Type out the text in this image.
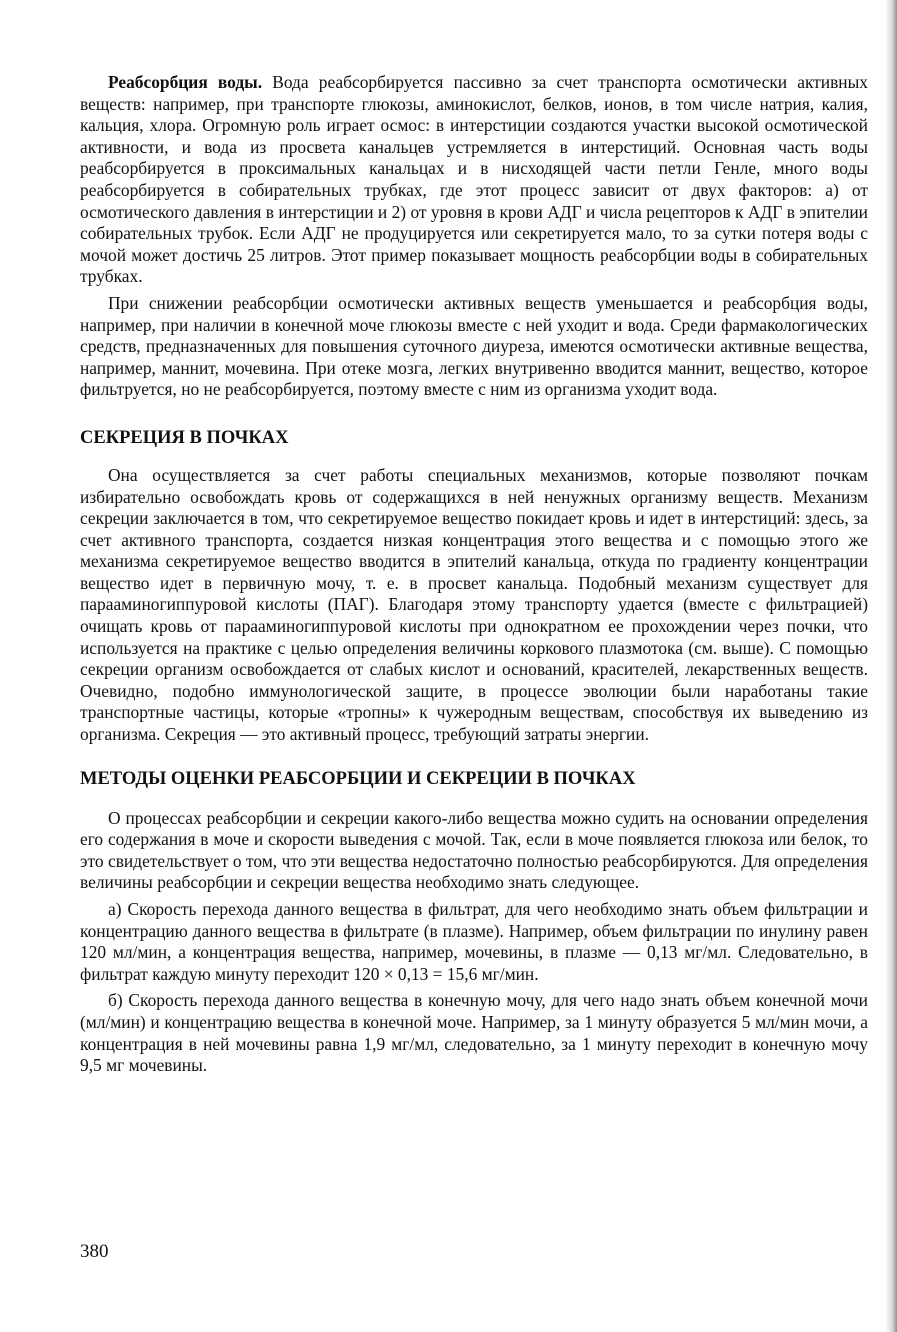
Реабсорбция воды. Вода реабсорбируется пассивно за счет транспорта осмотически активных веществ: например, при транспорте глюкозы, аминокислот, белков, ионов, в том числе натрия, калия, кальция, хлора. Огромную роль играет осмос: в интерстиции создаются участки высокой осмотической активности, и вода из просвета канальцев устремляется в интерстиций. Основная часть воды реабсорбируется в проксимальных канальцах и в нисходящей части петли Генле, много воды реабсорбируется в собирательных трубках, где этот процесс зависит от двух факторов: а) от осмотического давления в интерстиции и 2) от уровня в крови АДГ и числа рецепторов к АДГ в эпителии собирательных трубок. Если АДГ не продуцируется или секретируется мало, то за сутки потеря воды с мочой может достичь 25 литров. Этот пример показывает мощность реабсорбции воды в собирательных трубках.

При снижении реабсорбции осмотически активных веществ уменьшается и реабсорбция воды, например, при наличии в конечной моче глюкозы вместе с ней уходит и вода. Среди фармакологических средств, предназначенных для повышения суточного диуреза, имеются осмотически активные вещества, например, маннит, мочевина. При отеке мозга, легких внутривенно вводится маннит, вещество, которое фильтруется, но не реабсорбируется, поэтому вместе с ним из организма уходит вода.

СЕКРЕЦИЯ В ПОЧКАХ

Она осуществляется за счет работы специальных механизмов, которые позволяют почкам избирательно освобождать кровь от содержащихся в ней ненужных организму веществ. Механизм секреции заключается в том, что секретируемое вещество покидает кровь и идет в интерстиций: здесь, за счет активного транспорта, создается низкая концентрация этого вещества и с помощью этого же механизма секретируемое вещество вводится в эпителий канальца, откуда по градиенту концентрации вещество идет в первичную мочу, т. е. в просвет канальца. Подобный механизм существует для парааминогиппуровой кислоты (ПАГ). Благодаря этому транспорту удается (вместе с фильтрацией) очищать кровь от парааминогиппуровой кислоты при однократном ее прохождении через почки, что используется на практике с целью определения величины коркового плазмотока (см. выше). С помощью секреции организм освобождается от слабых кислот и оснований, красителей, лекарственных веществ. Очевидно, подобно иммунологической защите, в процессе эволюции были наработаны такие транспортные частицы, которые «тропны» к чужеродным веществам, способствуя их выведению из организма. Секреция — это активный процесс, требующий затраты энергии.

МЕТОДЫ ОЦЕНКИ РЕАБСОРБЦИИ И СЕКРЕЦИИ В ПОЧКАХ

О процессах реабсорбции и секреции какого-либо вещества можно судить на основании определения его содержания в моче и скорости выведения с мочой. Так, если в моче появляется глюкоза или белок, то это свидетельствует о том, что эти вещества недостаточно полностью реабсорбируются. Для определения величины реабсорбции и секреции вещества необходимо знать следующее.

а) Скорость перехода данного вещества в фильтрат, для чего необходимо знать объем фильтрации и концентрацию данного вещества в фильтрате (в плазме). Например, объем фильтрации по инулину равен 120 мл/мин, а концентрация вещества, например, мочевины, в плазме — 0,13 мг/мл. Следовательно, в фильтрат каждую минуту переходит 120 × 0,13 = 15,6 мг/мин.

б) Скорость перехода данного вещества в конечную мочу, для чего надо знать объем конечной мочи (мл/мин) и концентрацию вещества в конечной моче. Например, за 1 минуту образуется 5 мл/мин мочи, а концентрация в ней мочевины равна 1,9 мг/мл, следовательно, за 1 минуту переходит в конечную мочу 9,5 мг мочевины.

380
